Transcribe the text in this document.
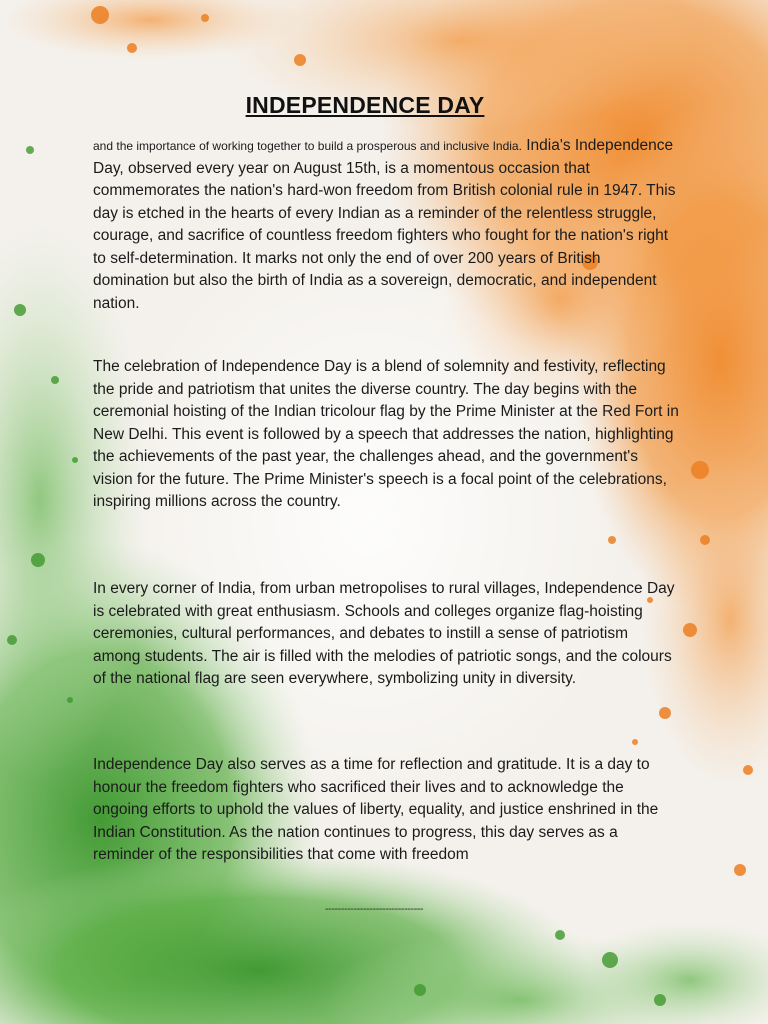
INDEPENDENCE DAY

and the importance of working together to build a prosperous and inclusive India. India's Independence Day, observed every year on August 15th, is a momentous occasion that commemorates the nation's hard-won freedom from British colonial rule in 1947. This day is etched in the hearts of every Indian as a reminder of the relentless struggle, courage, and sacrifice of countless freedom fighters who fought for the nation's right to self-determination. It marks not only the end of over 200 years of British domination but also the birth of India as a sovereign, democratic, and independent nation.

The celebration of Independence Day is a blend of solemnity and festivity, reflecting the pride and patriotism that unites the diverse country. The day begins with the ceremonial hoisting of the Indian tricolour flag by the Prime Minister at the Red Fort in New Delhi. This event is followed by a speech that addresses the nation, highlighting the achievements of the past year, the challenges ahead, and the government's vision for the future. The Prime Minister's speech is a focal point of the celebrations, inspiring millions across the country.

In every corner of India, from urban metropolises to rural villages, Independence Day is celebrated with great enthusiasm. Schools and colleges organize flag-hoisting ceremonies, cultural performances, and debates to instill a sense of patriotism among students. The air is filled with the melodies of patriotic songs, and the colours of the national flag are seen everywhere, symbolizing unity in diversity.

Independence Day also serves as a time for reflection and gratitude. It is a day to honour the freedom fighters who sacrificed their lives and to acknowledge the ongoing efforts to uphold the values of liberty, equality, and justice enshrined in the Indian Constitution. As the nation continues to progress, this day serves as a reminder of the responsibilities that come with freedom

-------------------------------
